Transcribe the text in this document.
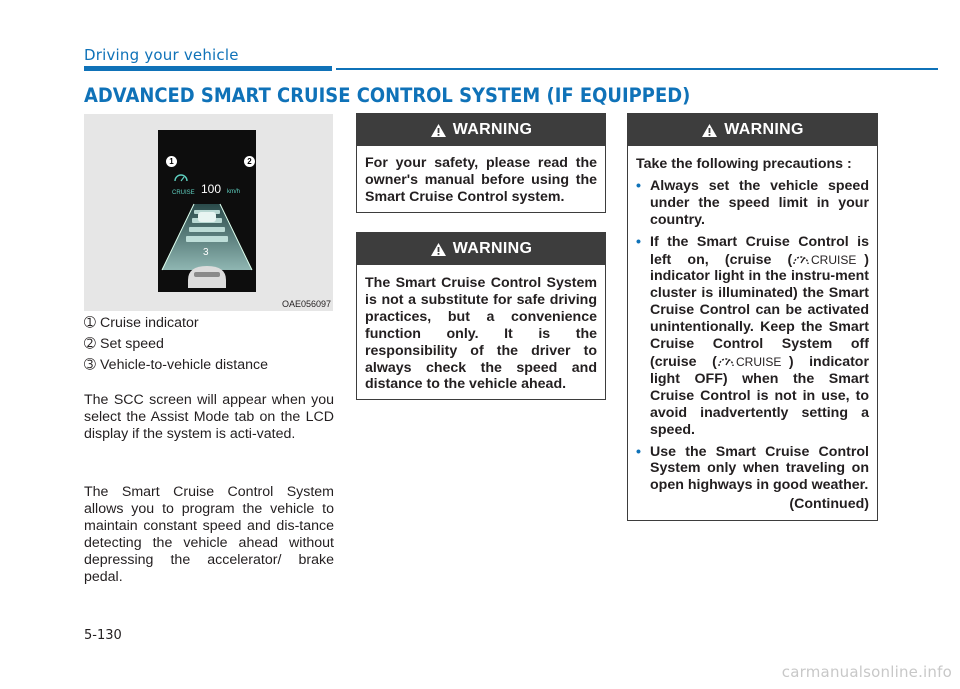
Driving your vehicle
ADVANCED SMART CRUISE CONTROL SYSTEM (IF EQUIPPED)
CRUISE 100 km/h
3
1	2
OAE056097
➀ Cruise indicator
➁ Set speed
➂ Vehicle-to-vehicle distance
The SCC screen will appear when you select the Assist Mode tab on the LCD display if the system is acti-vated.
The Smart Cruise Control System allows you to program the vehicle to maintain constant speed and dis-tance detecting the vehicle ahead without depressing the accelerator/ brake pedal.
WARNING
For your safety, please read the owner's manual before using the Smart Cruise Control system.
WARNING
The Smart Cruise Control System is not a substitute for safe driving practices, but a convenience function only. It is the responsibility of the driver to always check the speed and distance to the vehicle ahead.
WARNING
Take the following precautions :
• Always set the vehicle speed under the speed limit in your country.
• If the Smart Cruise Control is left on, (cruise ( CRUISE ) indicator light in the instru-ment cluster is illuminated) the Smart Cruise Control can be activated unintentionally. Keep the Smart Cruise Control System off (cruise ( CRUISE ) indicator light OFF) when the Smart Cruise Control is not in use, to avoid inadvertently setting a speed.
• Use the Smart Cruise Control System only when traveling on open highways in good weather.
(Continued)
5-130
carmanualsonline.info
